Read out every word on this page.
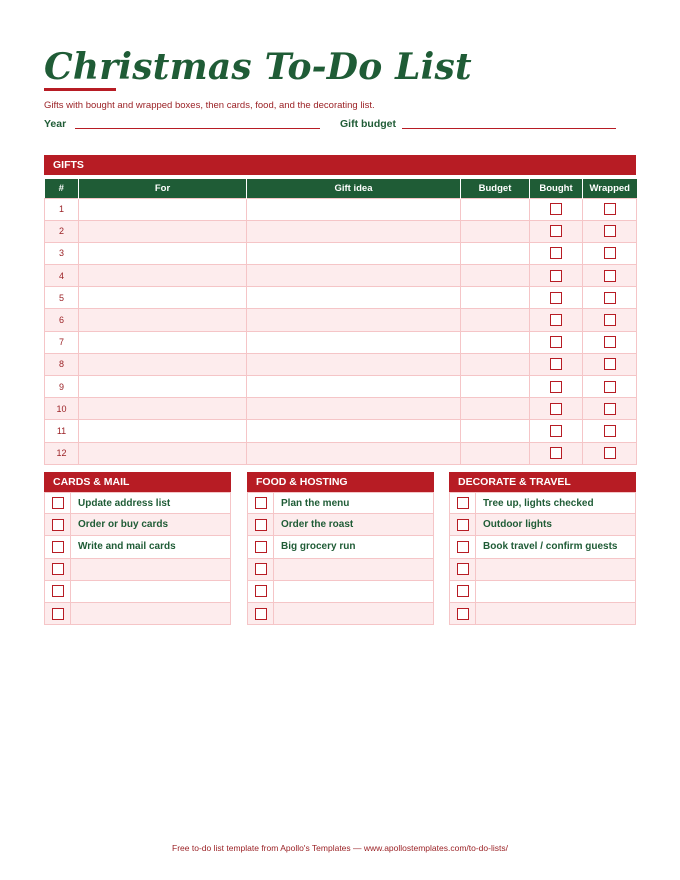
Christmas To-Do List
Gifts with bought and wrapped boxes, then cards, food, and the decorating list.
Year	Gift budget
GIFTS
#	For	Gift idea	Budget	Bought	Wrapped
1					
2					
3					
4					
5					
6					
7					
8					
9					
10					
11					
12					
CARDS & MAIL
Update address list
Order or buy cards
Write and mail cards
FOOD & HOSTING
Plan the menu
Order the roast
Big grocery run
DECORATE & TRAVEL
Tree up, lights checked
Outdoor lights
Book travel / confirm guests
Free to-do list template from Apollo's Templates — www.apollostemplates.com/to-do-lists/
